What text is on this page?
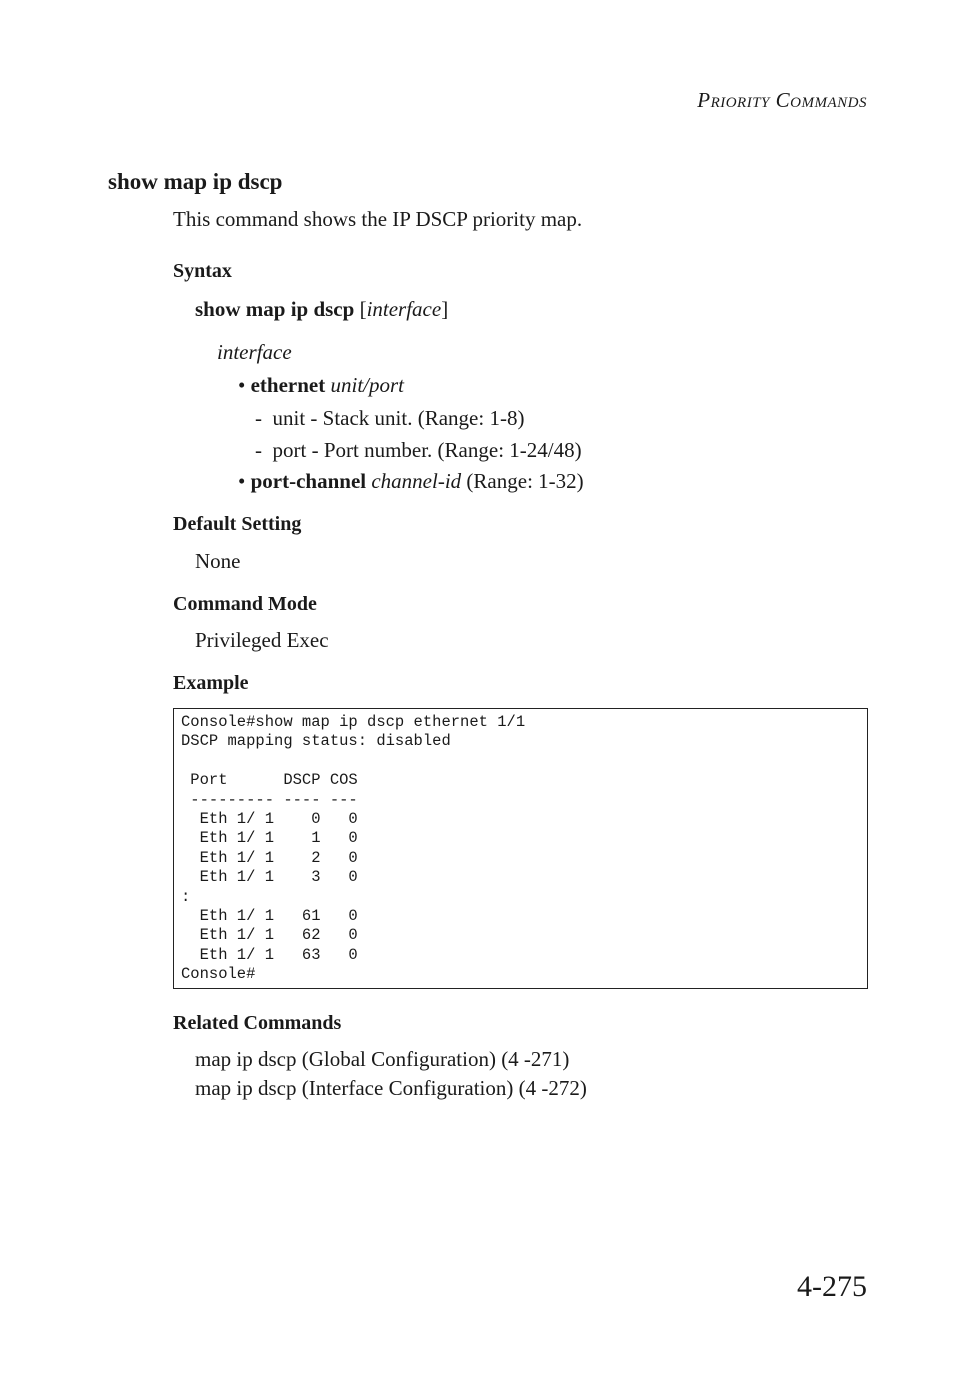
PRIORITY COMMANDS
show map ip dscp
This command shows the IP DSCP priority map.
Syntax
show map ip dscp [interface]
interface
• ethernet unit/port
-  unit - Stack unit. (Range: 1-8)
-  port - Port number. (Range: 1-24/48)
• port-channel channel-id (Range: 1-32)
Default Setting
None
Command Mode
Privileged Exec
Example
Console#show map ip dscp ethernet 1/1
DSCP mapping status: disabled

Port      DSCP COS
--------- ---- ---
Eth 1/ 1    0   0
Eth 1/ 1    1   0
Eth 1/ 1    2   0
Eth 1/ 1    3   0
:
Eth 1/ 1   61   0
Eth 1/ 1   62   0
Eth 1/ 1   63   0
Console#
Related Commands
map ip dscp (Global Configuration) (4 -271)
map ip dscp (Interface Configuration) (4 -272)
4-275
